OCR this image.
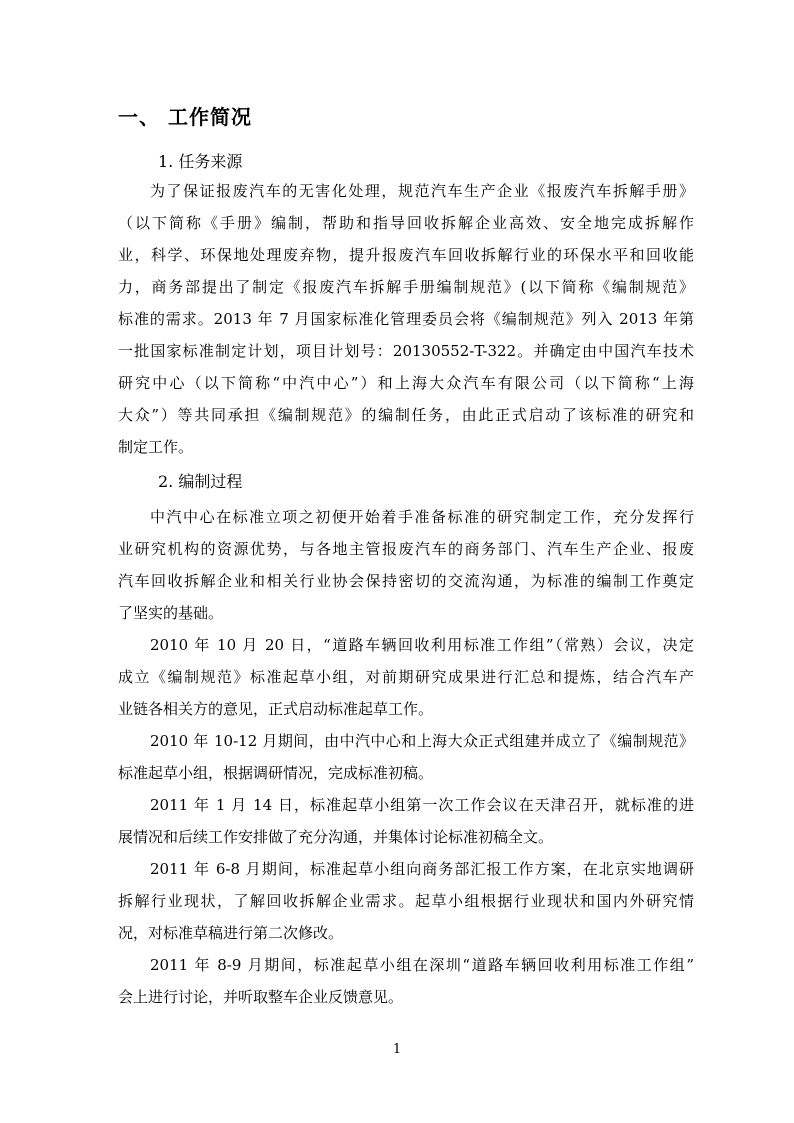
一、 工作简况
1. 任务来源
为了保证报废汽车的无害化处理，规范汽车生产企业《报废汽车拆解手册》
（以下简称《手册》编制，帮助和指导回收拆解企业高效、安全地完成拆解作
业，科学、环保地处理废弃物，提升报废汽车回收拆解行业的环保水平和回收能
力，商务部提出了制定《报废汽车拆解手册编制规范》(以下简称《编制规范》
标准的需求。2013 年 7 月国家标准化管理委员会将《编制规范》列入 2013 年第
一批国家标准制定计划，项目计划号：20130552-T-322。并确定由中国汽车技术
研究中心（以下简称“中汽中心”）和上海大众汽车有限公司（以下简称“上海
大众”）等共同承担《编制规范》的编制任务，由此正式启动了该标准的研究和
制定工作。
2. 编制过程
中汽中心在标准立项之初便开始着手准备标准的研究制定工作，充分发挥行
业研究机构的资源优势，与各地主管报废汽车的商务部门、汽车生产企业、报废
汽车回收拆解企业和相关行业协会保持密切的交流沟通，为标准的编制工作奠定
了坚实的基础。
2010 年 10 月 20 日，“道路车辆回收利用标准工作组”（常熟）会议，决定
成立《编制规范》标准起草小组，对前期研究成果进行汇总和提炼，结合汽车产
业链各相关方的意见，正式启动标准起草工作。
2010 年 10-12 月期间，由中汽中心和上海大众正式组建并成立了《编制规范》
标准起草小组，根据调研情况，完成标准初稿。
2011 年 1 月 14 日，标准起草小组第一次工作会议在天津召开，就标准的进
展情况和后续工作安排做了充分沟通，并集体讨论标准初稿全文。
2011 年 6-8 月期间，标准起草小组向商务部汇报工作方案，在北京实地调研
拆解行业现状，了解回收拆解企业需求。起草小组根据行业现状和国内外研究情
况，对标准草稿进行第二次修改。
2011 年 8-9 月期间，标准起草小组在深圳“道路车辆回收利用标准工作组”
会上进行讨论，并听取整车企业反馈意见。
1
